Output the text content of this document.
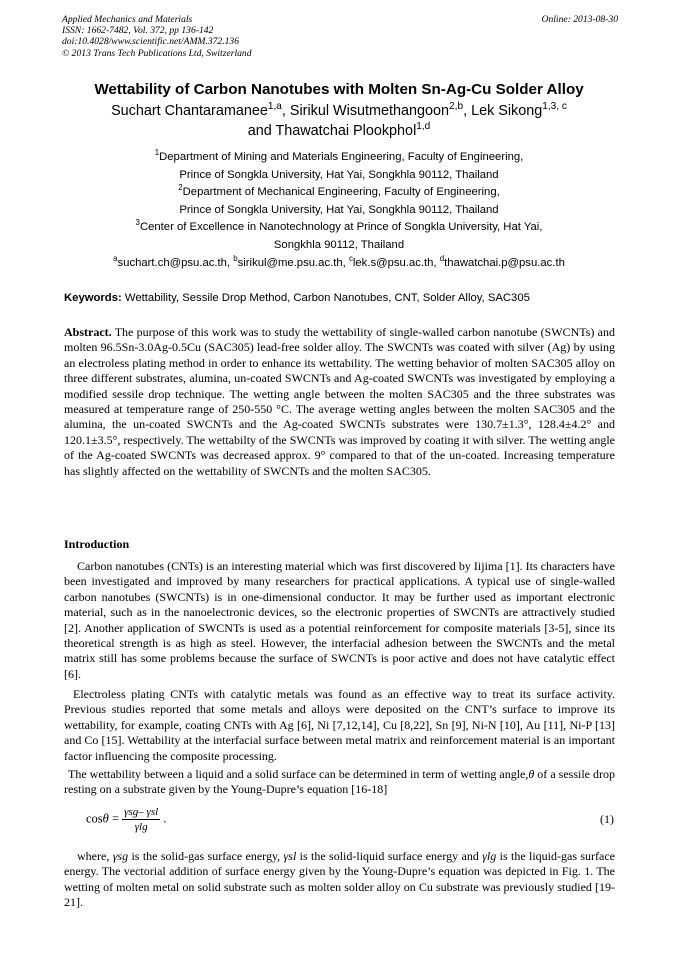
Applied Mechanics and Materials
ISSN: 1662-7482, Vol. 372, pp 136-142
doi:10.4028/www.scientific.net/AMM.372.136
© 2013 Trans Tech Publications Ltd, Switzerland
Online: 2013-08-30
Wettability of Carbon Nanotubes with Molten Sn-Ag-Cu Solder Alloy
Suchart Chantaramanee$^{1,a}$, Sirikul Wisutmethangoon$^{2,b}$, Lek Sikong$^{1,3, c}$
and Thawatchai Plookphol$^{1,d}$
$^1$Department of Mining and Materials Engineering, Faculty of Engineering,
Prince of Songkla University, Hat Yai, Songkhla 90112, Thailand
$^2$Department of Mechanical Engineering, Faculty of Engineering,
Prince of Songkla University, Hat Yai, Songkhla 90112, Thailand
$^3$Center of Excellence in Nanotechnology at Prince of Songkla University, Hat Yai,
Songkhla 90112, Thailand
$^a$suchart.ch@psu.ac.th, $^b$sirikul@me.psu.ac.th, $^c$lek.s@psu.ac.th, $^d$thawatchai.p@psu.ac.th
Keywords: Wettability, Sessile Drop Method, Carbon Nanotubes, CNT, Solder Alloy, SAC305

Abstract. The purpose of this work was to study the wettability of single-walled carbon nanotube (SWCNTs) and molten 96.5Sn-3.0Ag-0.5Cu (SAC305) lead-free solder alloy. The SWCNTs was coated with silver (Ag) by using an electroless plating method in order to enhance its wettability. The wetting behavior of molten SAC305 alloy on three different substrates, alumina, un-coated SWCNTs and Ag-coated SWCNTs was investigated by employing a modified sessile drop technique. The wetting angle between the molten SAC305 and the three substrates was measured at temperature range of 250-550 °C. The average wetting angles between the molten SAC305 and the alumina, the un-coated SWCNTs and the Ag-coated SWCNTs substrates were 130.7±1.3°, 128.4±4.2° and 120.1±3.5°, respectively. The wettabilty of the SWCNTs was improved by coating it with silver. The wetting angle of the Ag-coated SWCNTs was decreased approx. 9° compared to that of the un-coated. Increasing temperature has slightly affected on the wettability of SWCNTs and the molten SAC305.

Introduction

Carbon nanotubes (CNTs) is an interesting material which was first discovered by Iijima [1]. Its characters have been investigated and improved by many researchers for practical applications. A typical use of single-walled carbon nanotubes (SWCNTs) is in one-dimensional conductor. It may be further used as important electronic material, such as in the nanoelectronic devices, so the electronic properties of SWCNTs are attractively studied [2]. Another application of SWCNTs is used as a potential reinforcement for composite materials [3-5], since its theoretical strength is as high as steel. However, the interfacial adhesion between the SWCNTs and the metal matrix still has some problems because the surface of SWCNTs is poor active and does not have catalytic effect [6].

Electroless plating CNTs with catalytic metals was found as an effective way to treat its surface activity. Previous studies reported that some metals and alloys were deposited on the CNT’s surface to improve its wettability, for example, coating CNTs with Ag [6], Ni [7,12,14], Cu [8,22], Sn [9], Ni-N [10], Au [11], Ni-P [13] and Co [15]. Wettability at the interfacial surface between metal matrix and reinforcement material is an important factor influencing the composite processing.

The wettability between a liquid and a solid surface can be determined in term of wetting angle,θ of a sessile drop resting on a substrate given by the Young-Dupre’s equation [16-18]

$\cos\theta = \frac{\text{γsg– γsl}}{\gamma\lg}$ .	(1)

where, γsg is the solid-gas surface energy, γsl is the solid-liquid surface energy and γlg is the liquid-gas surface energy. The vectorial addition of surface energy given by the Young-Dupre’s equation was depicted in Fig. 1. The wetting of molten metal on solid substrate such as molten solder alloy on Cu substrate was previously studied [19-21].
